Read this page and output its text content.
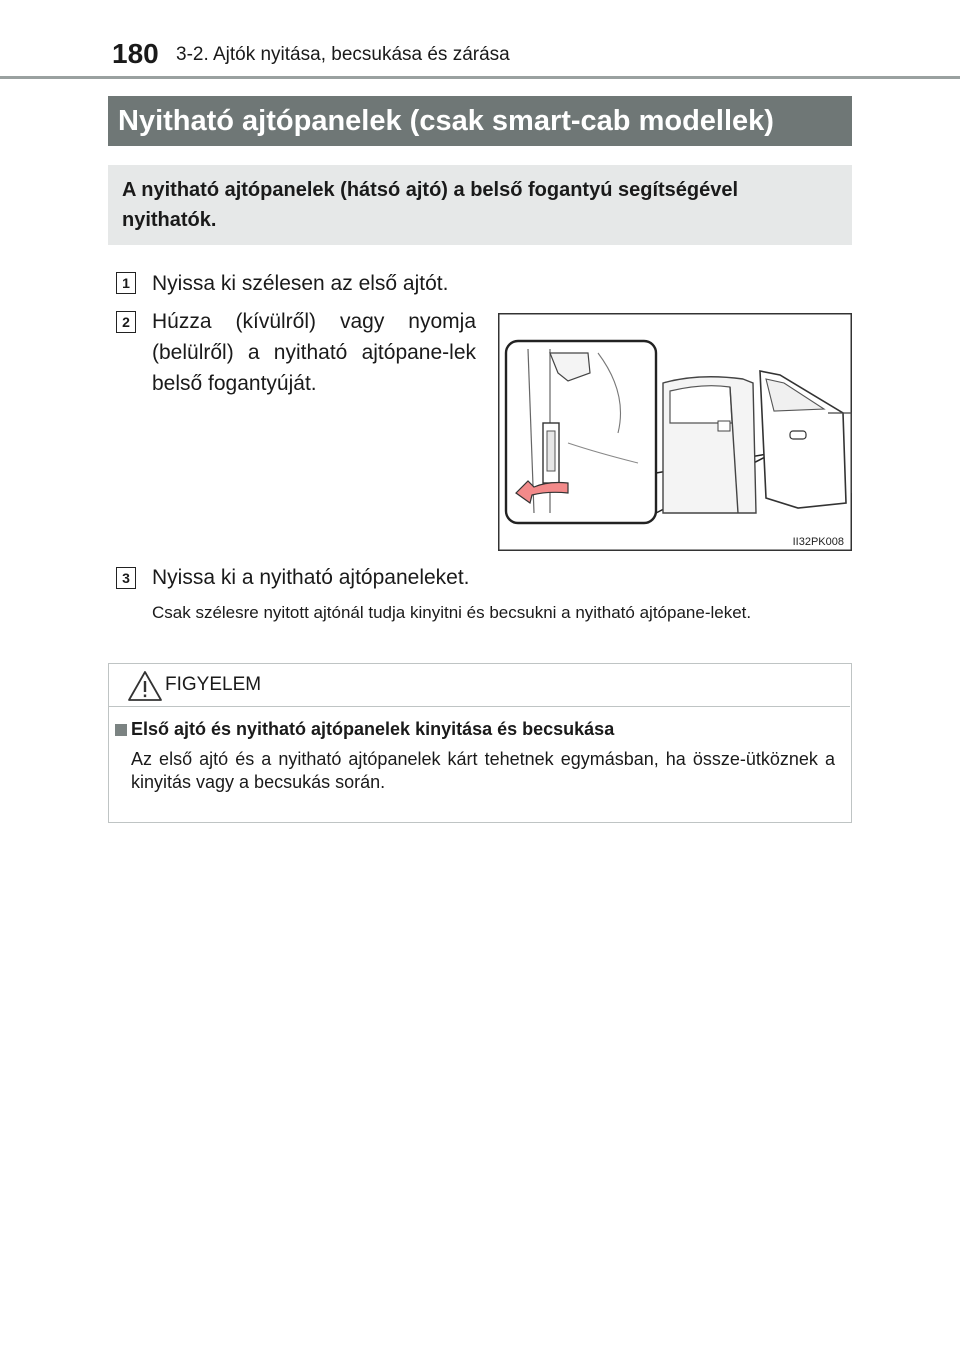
180 3-2. Ajtók nyitása, becsukása és zárása
Nyitható ajtópanelek (csak smart-cab modellek)
A nyitható ajtópanelek (hátsó ajtó) a belső fogantyú segítségével nyithatók.
1 Nyissa ki szélesen az első ajtót.
2 Húzza (kívülről) vagy nyomja (belülről) a nyitható ajtópane-lek belső fogantyúját.
II32PK008
3 Nyissa ki a nyitható ajtópaneleket.
Csak szélesre nyitott ajtónál tudja kinyitni és becsukni a nyitható ajtópane-leket.
FIGYELEM
Első ajtó és nyitható ajtópanelek kinyitása és becsukása
Az első ajtó és a nyitható ajtópanelek kárt tehetnek egymásban, ha össze-ütköznek a kinyitás vagy a becsukás során.
